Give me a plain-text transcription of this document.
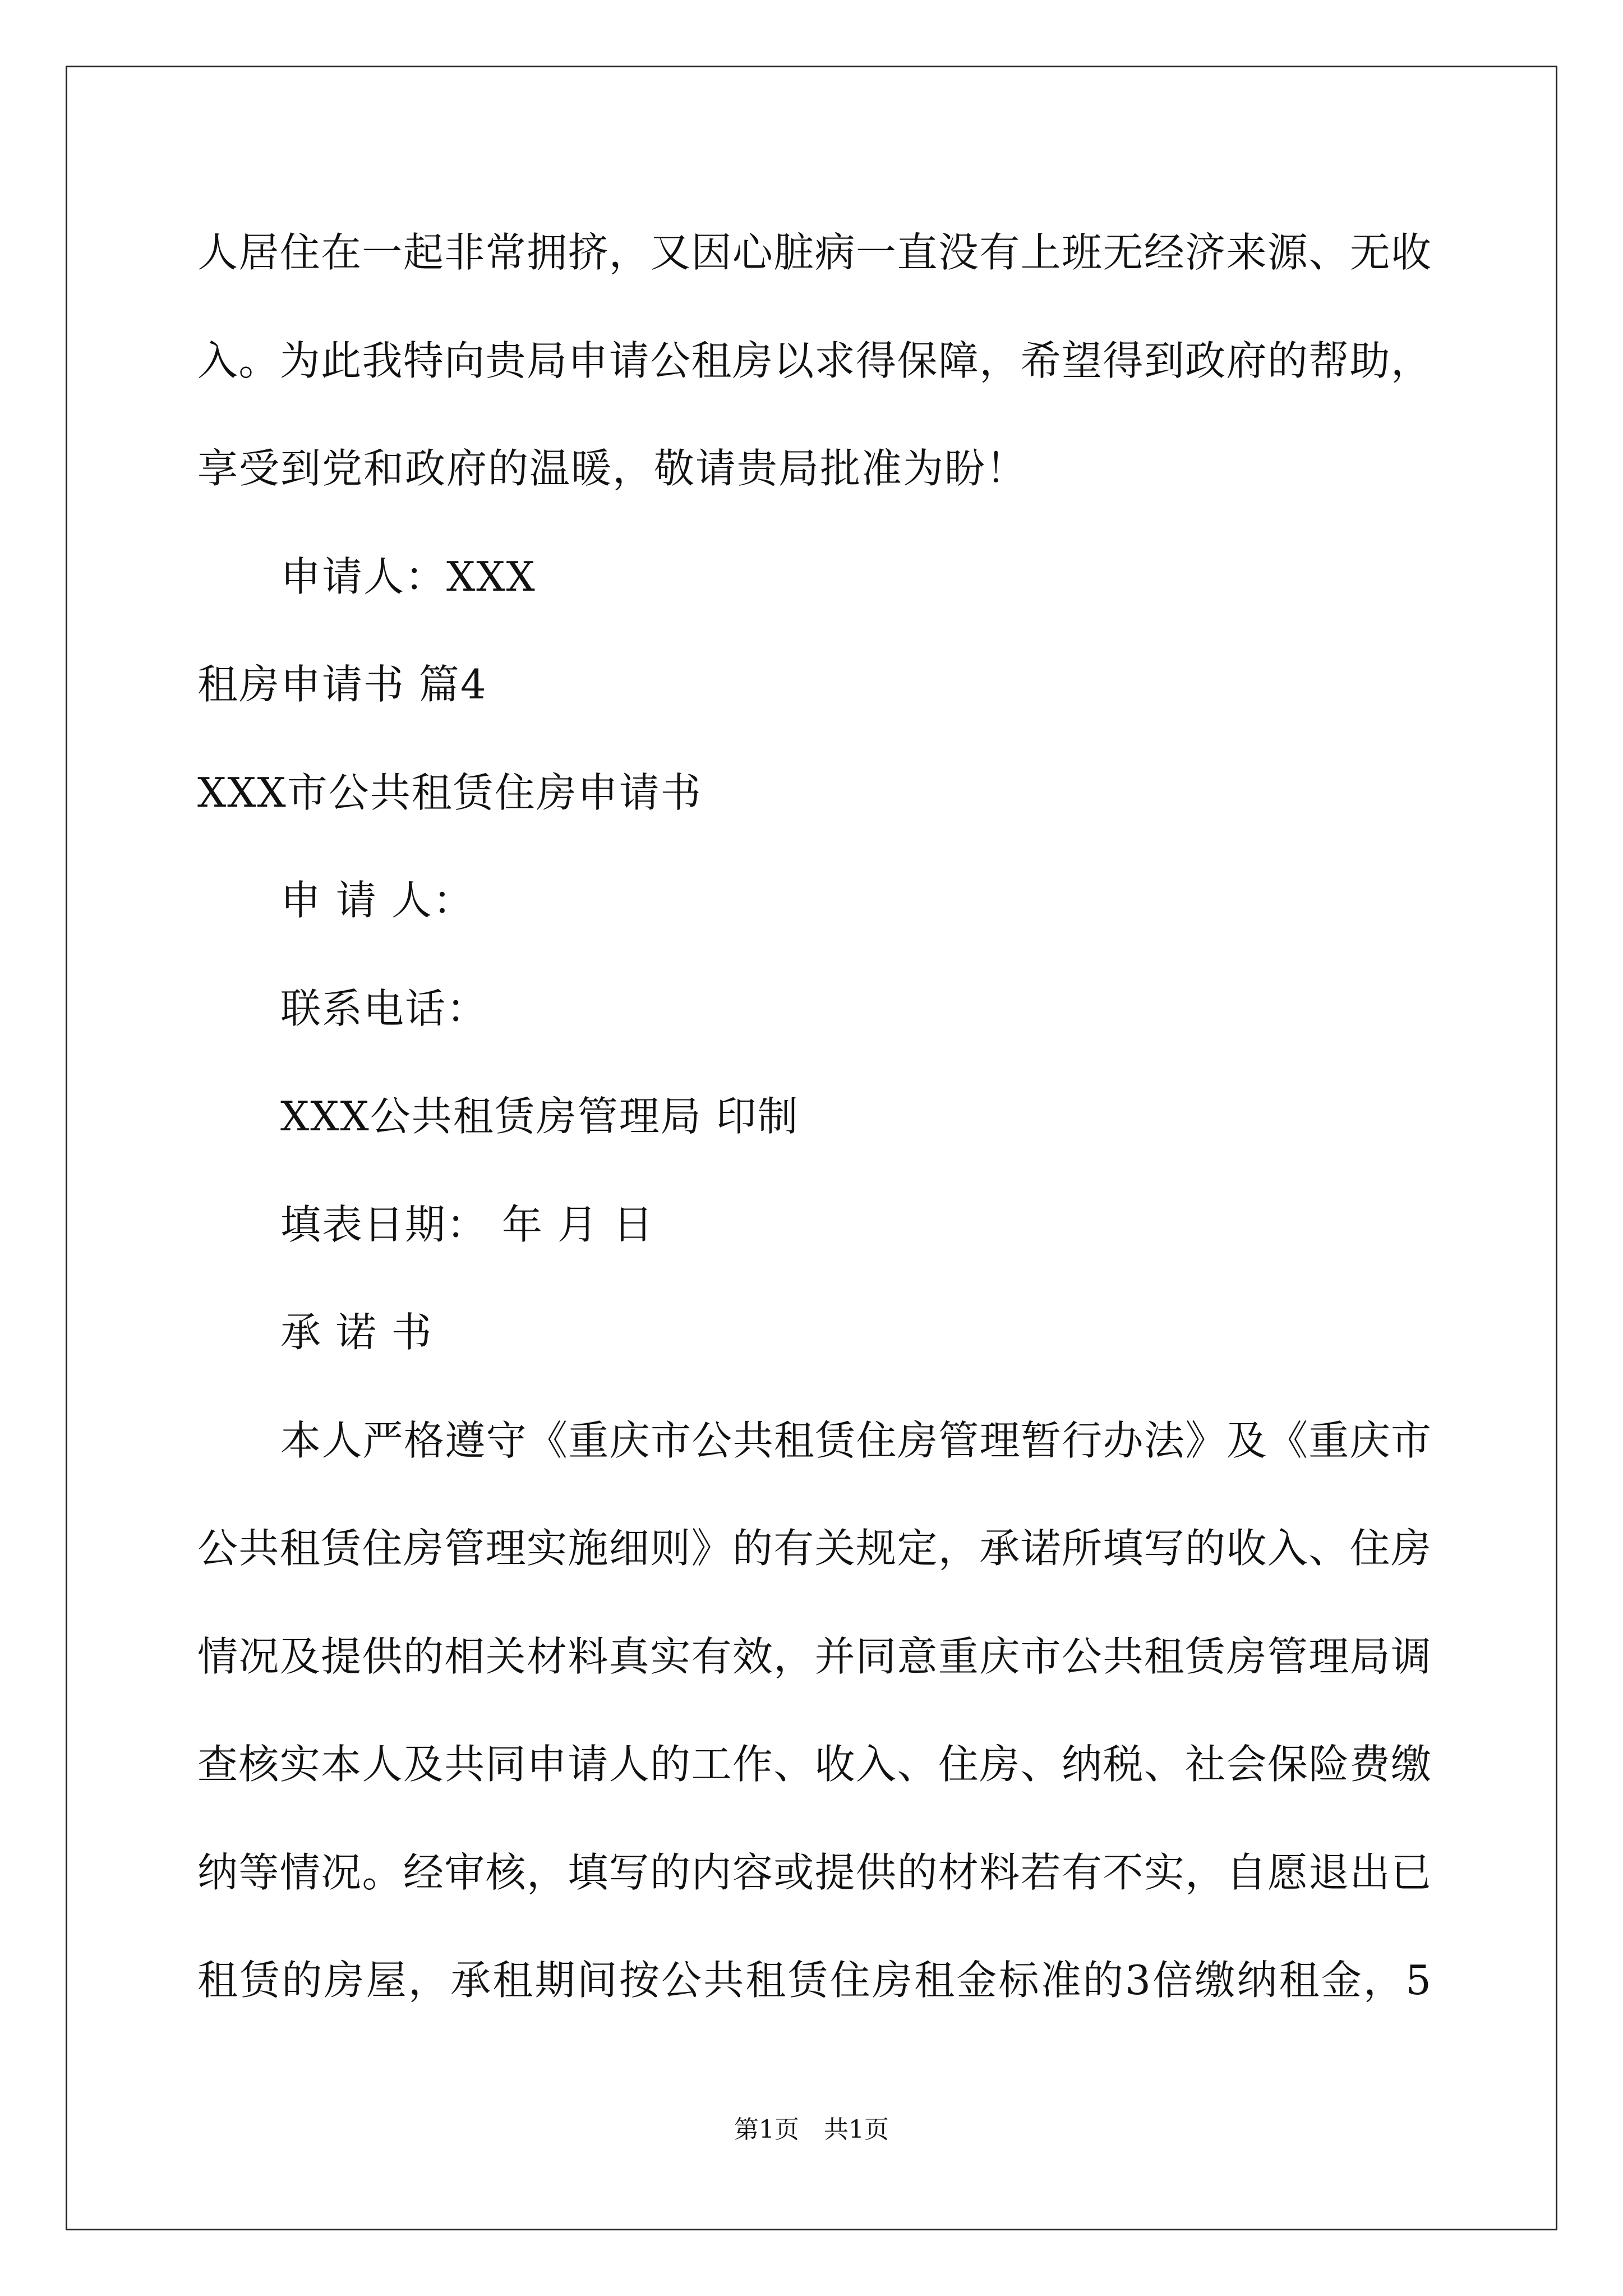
人居住在一起非常拥挤，又因心脏病一直没有上班无经济来源、无收
入。为此我特向贵局申请公租房以求得保障，希望得到政府的帮助，
享受到党和政府的温暖，敬请贵局批准为盼！
申请人：XXX
租房申请书 篇4
XXX市公共租赁住房申请书
申 请 人：
联系电话：
XXX公共租赁房管理局 印制
填表日期： 年 月 日
承 诺 书
本人严格遵守《重庆市公共租赁住房管理暂行办法》及《重庆市
公共租赁住房管理实施细则》的有关规定，承诺所填写的收入、住房
情况及提供的相关材料真实有效，并同意重庆市公共租赁房管理局调
查核实本人及共同申请人的工作、收入、住房、纳税、社会保险费缴
纳等情况。经审核，填写的内容或提供的材料若有不实，自愿退出已
租赁的房屋，承租期间按公共租赁住房租金标准的3倍缴纳租金，5
第1页　共1页
